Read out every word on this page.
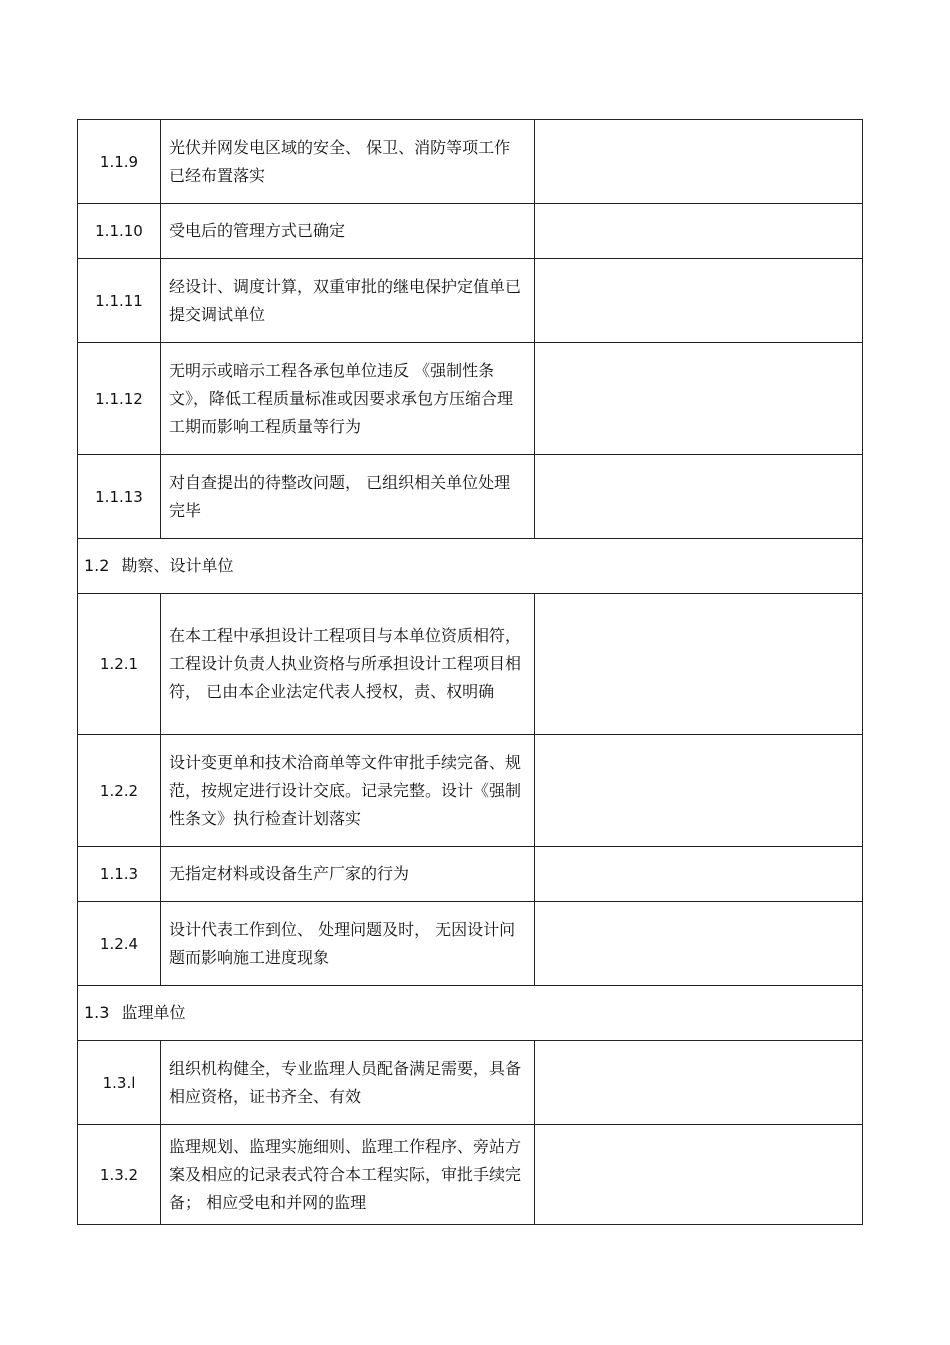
1.1.9	光伏并网发电区域的安全、 保卫、消防等项工作已经布置落实	
1.1.10	受电后的管理方式已确定	
1.1.11	经设计、调度计算，双重审批的继电保护定值单已提交调试单位	
1.1.12	无明示或暗示工程各承包单位违反 《强制性条文》，降低工程质量标准或因要求承包方压缩合理工期而影响工程质量等行为	
1.1.13	对自查提出的待整改问题， 已组织相关单位处理完毕	
1.2 勘察、设计单位		
1.2.1	在本工程中承担设计工程项目与本单位资质相符，工程设计负责人执业资格与所承担设计工程项目相符， 已由本企业法定代表人授权，责、权明确	
1.2.2	设计变更单和技术洽商单等文件审批手续完备、规范，按规定进行设计交底。记录完整。设计《强制性条文》执行检查计划落实	
1.1.3	无指定材料或设备生产厂家的行为	
1.2.4	设计代表工作到位、 处理问题及时， 无因设计问题而影响施工进度现象	
1.3 监理单位		
1.3.l	组织机构健全，专业监理人员配备满足需要，具备相应资格，证书齐全、有效	
1.3.2	监理规划、监理实施细则、监理工作程序、旁站方案及相应的记录表式符合本工程实际，审批手续完备； 相应受电和并网的监理	
